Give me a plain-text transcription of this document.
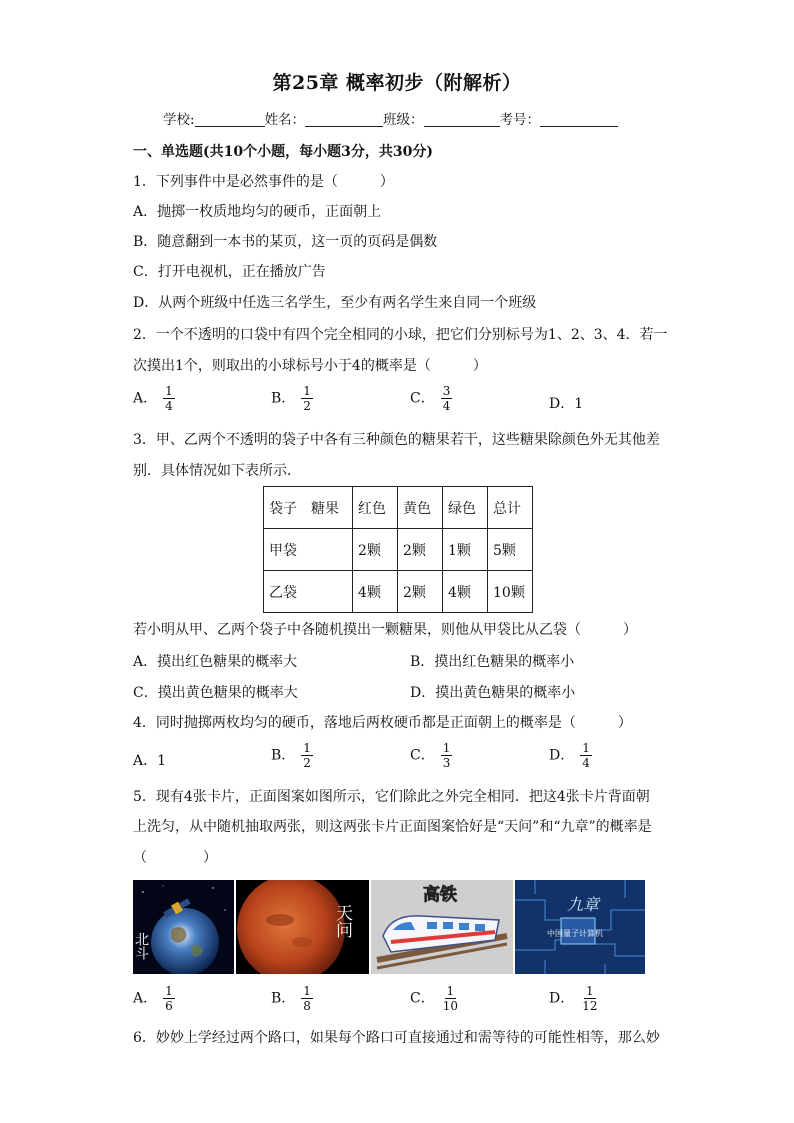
第25章 概率初步（附解析）
学校:	姓名：	班级：	考号：
一、单选题(共10个小题，每小题3分，共30分)
1．下列事件中是必然事件的是（　　　）
A．抛掷一枚质地均匀的硬币，正面朝上
B．随意翻到一本书的某页，这一页的页码是偶数
C．打开电视机，正在播放广告
D．从两个班级中任选三名学生，至少有两名学生来自同一个班级
2．一个不透明的口袋中有四个完全相同的小球，把它们分别标号为1、2、3、4．若一
次摸出1个，则取出的小球标号小于4的概率是（　　　）
A． $\frac{1}{4}$	B． $\frac{1}{2}$	C． $\frac{3}{4}$	D．1
3．甲、乙两个不透明的袋子中各有三种颜色的糖果若干，这些糖果除颜色外无其他差
别．具体情况如下表所示．
袋子　糖果	红色	黄色	绿色	总计
甲袋	2颗	2颗	1颗	5颗
乙袋	4颗	2颗	4颗	10颗
若小明从甲、乙两个袋子中各随机摸出一颗糖果，则他从甲袋比从乙袋（　　　）
A．摸出红色糖果的概率大	B．摸出红色糖果的概率小
C．摸出黄色糖果的概率大	D．摸出黄色糖果的概率小
4．同时抛掷两枚均匀的硬币，落地后两枚硬币都是正面朝上的概率是（　　　）
A．1	B． $\frac{1}{2}$	C． $\frac{1}{3}$	D． $\frac{1}{4}$
5．现有4张卡片，正面图案如图所示，它们除此之外完全相同．把这4张卡片背面朝
上洗匀，从中随机抽取两张，则这两张卡片正面图案恰好是“天问”和“九章”的概率是
（　　　　）
北斗
天问
高铁	九章
中国量子计算机
A． $\frac{1}{6}$	B． $\frac{1}{8}$	C． $\frac{1}{10}$	D． $\frac{1}{12}$
6．妙妙上学经过两个路口，如果每个路口可直接通过和需等待的可能性相等，那么妙
